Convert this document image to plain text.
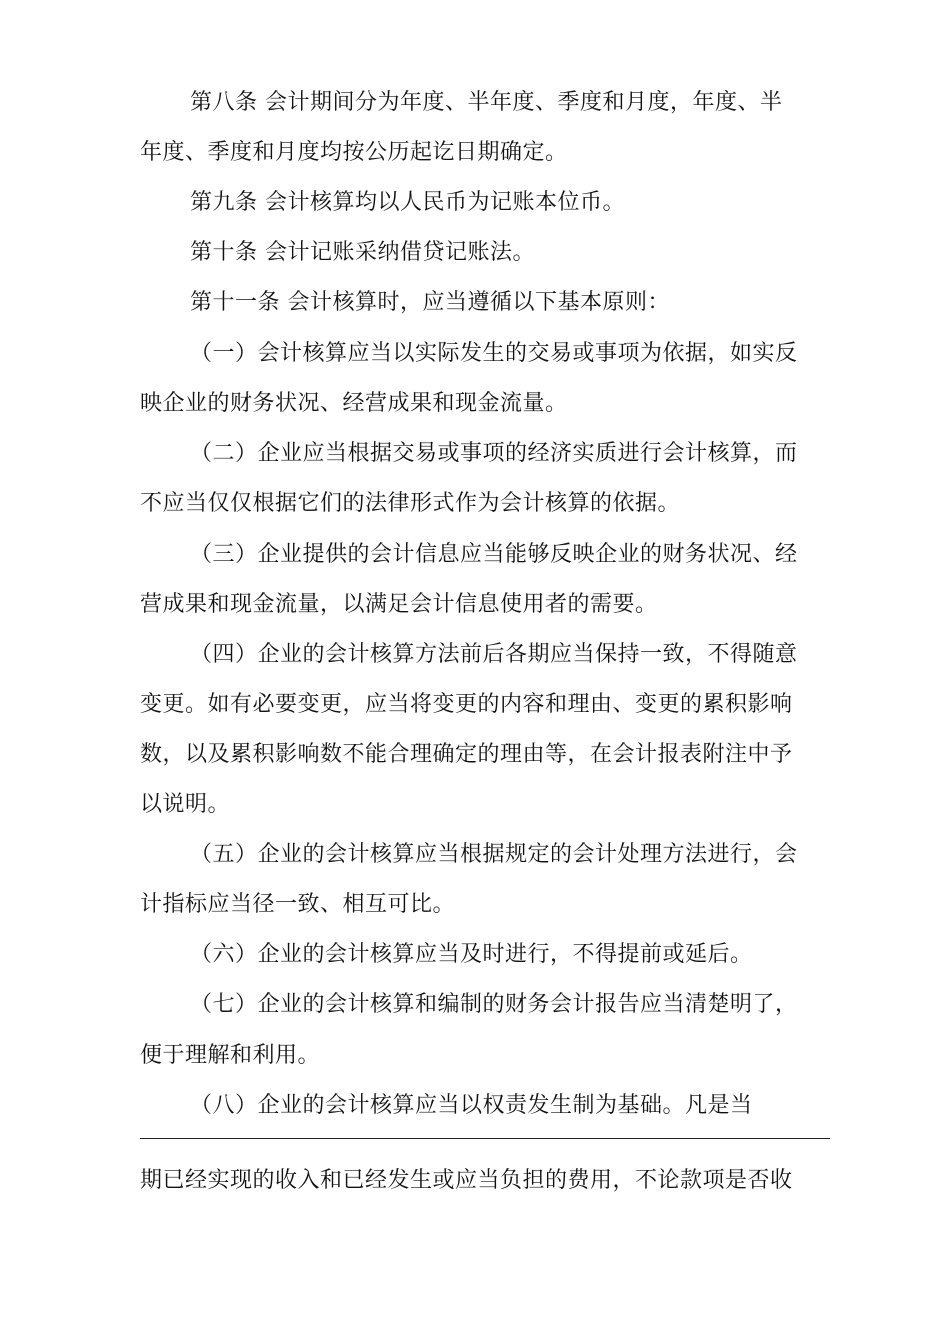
第八条 会计期间分为年度、半年度、季度和月度，年度、半
年度、季度和月度均按公历起讫日期确定。
第九条 会计核算均以人民币为记账本位币。
第十条 会计记账采纳借贷记账法。
第十一条 会计核算时，应当遵循以下基本原则：
（一）会计核算应当以实际发生的交易或事项为依据，如实反
映企业的财务状况、经营成果和现金流量。
（二）企业应当根据交易或事项的经济实质进行会计核算，而
不应当仅仅根据它们的法律形式作为会计核算的依据。
（三）企业提供的会计信息应当能够反映企业的财务状况、经
营成果和现金流量，以满足会计信息使用者的需要。
（四）企业的会计核算方法前后各期应当保持一致，不得随意
变更。如有必要变更，应当将变更的内容和理由、变更的累积影响
数，以及累积影响数不能合理确定的理由等，在会计报表附注中予
以说明。
（五）企业的会计核算应当根据规定的会计处理方法进行，会
计指标应当径一致、相互可比。
（六）企业的会计核算应当及时进行，不得提前或延后。
（七）企业的会计核算和编制的财务会计报告应当清楚明了，
便于理解和利用。
（八）企业的会计核算应当以权责发生制为基础。凡是当
期已经实现的收入和已经发生或应当负担的费用，不论款项是否收
